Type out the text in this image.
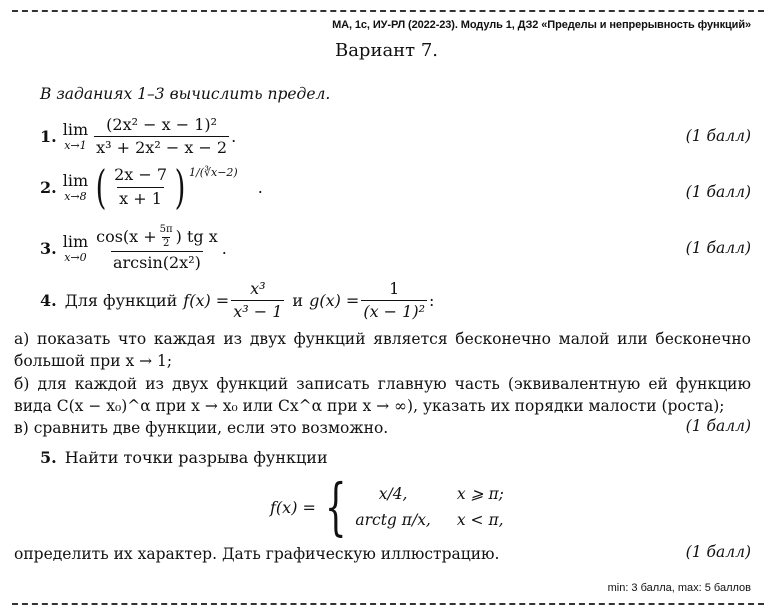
МА, 1с, ИУ-РЛ (2022-23). Модуль 1, ДЗ2 «Пределы и непрерывность функций»
Вариант 7.
В заданиях 1–3 вычислить предел.
1. lim
$x\to 1 \frac{\text{(2x² − x − 1)²}}{\text{x³ + 2x² − x − 2}}$ .	(1 балл)
2. lim
x→8 ( $\frac{2x - 7}{x + 1}$ ) 1/(∛x−2)
.	(1 балл)
3. lim
$x\to 0 \frac{\cos(x + \frac{5\pi}{2} ) tg x}{\text{arcsin(2x²)}}$ .	(1 балл)
4. Для функций $f(x) = \frac{\text{x³}}{\text{x³ − 1}}$ и $g(x) = \frac{1}{\text{(x − 1)²}}$ :
а) показать что каждая из двух функций является бесконечно малой или бесконечно большой при x → 1;
б) для каждой из двух функций записать главную часть (эквивалентную ей функцию вида C(x − x₀)^α при x → x₀ или Cx^α при x → ∞), указать их порядки малости (роста);
в) сравнить две функции, если это возможно.	(1 балл)
5. Найти точки разрыва функции
f(x) = {	x/4,	x ⩾ π;
arctg π/x, x < π,
определить их характер. Дать графическую иллюстрацию.	(1 балл)
min: 3 балла, max: 5 баллов
